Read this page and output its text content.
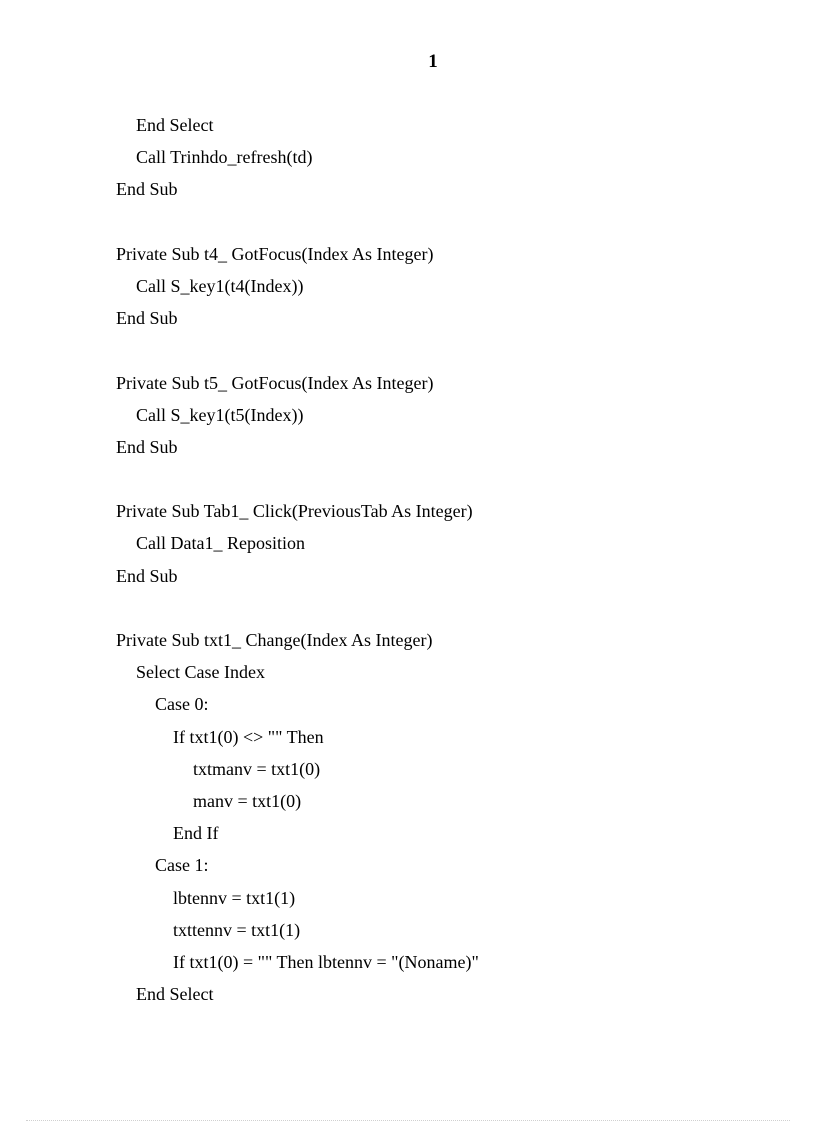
1
End Select
Call Trinhdo_refresh(td)
End Sub
Private Sub t4_ GotFocus(Index As Integer)
Call S_key1(t4(Index))
End Sub
Private Sub t5_ GotFocus(Index As Integer)
Call S_key1(t5(Index))
End Sub
Private Sub Tab1_ Click(PreviousTab As Integer)
Call Data1_ Reposition
End Sub
Private Sub txt1_ Change(Index As Integer)
Select Case Index
Case 0:
If txt1(0) <> "" Then
txtmanv = txt1(0)
manv = txt1(0)
End If
Case 1:
lbtennv = txt1(1)
txttennv = txt1(1)
If txt1(0) = "" Then lbtennv = "(Noname)"
End Select
